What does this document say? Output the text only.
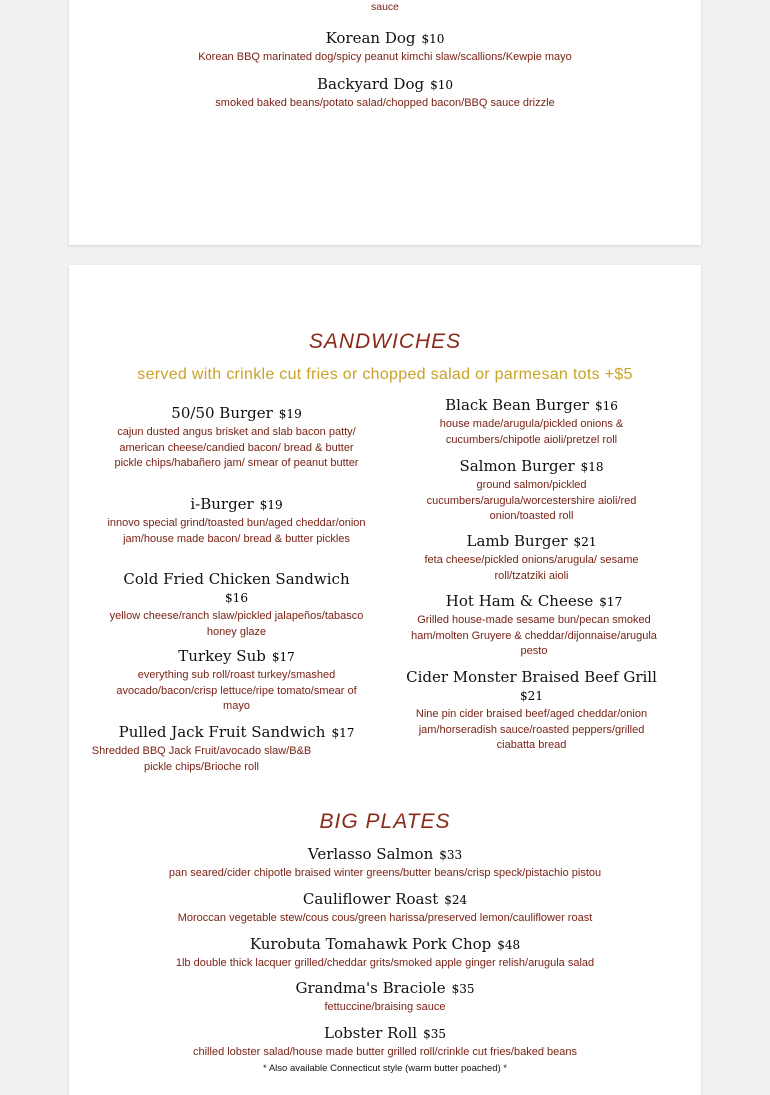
sauce
Korean Dog $10
Korean BBQ marinated dog/spicy peanut kimchi slaw/scallions/Kewpie mayo
Backyard Dog $10
smoked baked beans/potato salad/chopped bacon/BBQ sauce drizzle
SANDWICHES
served with crinkle cut fries or chopped salad or parmesan tots +$5
50/50 Burger $19
cajun dusted angus brisket and slab bacon patty/ american cheese/candied bacon/ bread & butter pickle chips/habañero jam/ smear of peanut butter
i-Burger $19
innovo special grind/toasted bun/aged cheddar/onion jam/house made bacon/ bread & butter pickles
Cold Fried Chicken Sandwich
$16
yellow cheese/ranch slaw/pickled jalapeños/tabasco honey glaze
Turkey Sub $17
everything sub roll/roast turkey/smashed avocado/bacon/crisp lettuce/ripe tomato/smear of mayo
Pulled Jack Fruit Sandwich $17
Shredded BBQ Jack Fruit/avocado slaw/B&B pickle chips/Brioche roll
Black Bean Burger $16
house made/arugula/pickled onions & cucumbers/chipotle aioli/pretzel roll
Salmon Burger $18
ground salmon/pickled cucumbers/arugula/worcestershire aioli/red onion/toasted roll
Lamb Burger $21
feta cheese/pickled onions/arugula/ sesame roll/tzatziki aioli
Hot Ham & Cheese $17
Grilled house-made sesame bun/pecan smoked ham/molten Gruyere & cheddar/dijonnaise/arugula pesto
Cider Monster Braised Beef Grill
$21
Nine pin cider braised beef/aged cheddar/onion jam/horseradish sauce/roasted peppers/grilled ciabatta bread
BIG PLATES
Verlasso Salmon $33
pan seared/cider chipotle braised winter greens/butter beans/crisp speck/pistachio pistou
Cauliflower Roast $24
Moroccan vegetable stew/cous cous/green harissa/preserved lemon/cauliflower roast
Kurobuta Tomahawk Pork Chop $48
1lb double thick lacquer grilled/cheddar grits/smoked apple ginger relish/arugula salad
Grandma's Braciole $35
fettuccine/braising sauce
Lobster Roll $35
chilled lobster salad/house made butter grilled roll/crinkle cut fries/baked beans
* Also available Connecticut style (warm butter poached) *
